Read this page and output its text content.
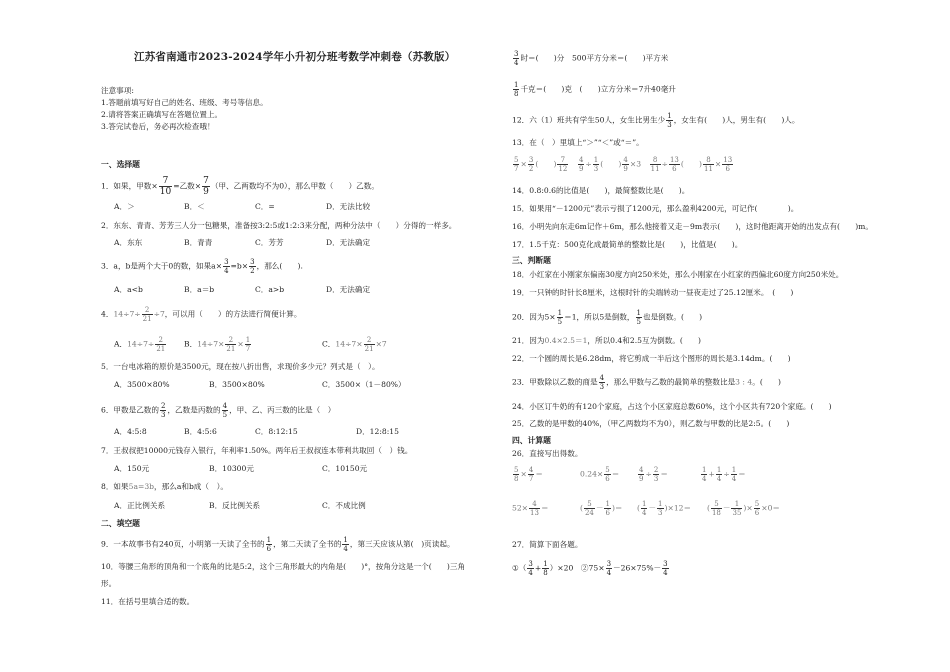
江苏省南通市2023-2024学年小升初分班考数学冲刺卷（苏教版）
注意事项:
1.答题前填写好自己的姓名、班级、考号等信息。
2.请将答案正确填写在答题位置上。
3.答完试卷后，务必再次检查哦！
一、选择题
1．如果，甲数× $\frac{7}{10}$ =乙数× $\frac{7}{9}$ （甲、乙两数均不为0），那么甲数（　　）乙数。
A．＞	B．＜	C．=	D．无法比较
2．东东、青青、芳芳三人分一包糖果，准备按3:2:5或1:2:3来分配，两种分法中（　　）分得的一样多。
A．东东	B．青青	C．芳芳	D．无法确定
3．a，b是两个大于0的数，如果$a\times \frac{3}{4} =b\times \frac{3}{2}$ ，那么(　　).
A．a<b	B．a＝b	C．a>b	D．无法确定
4．$14\div 7\div \frac{2}{21} \div 7$，可以用（　　）的方法进行简便计算。
A．$14\div 7\div \frac{2}{21}$ B．$14\div 7\times \frac{2}{21} \times \frac{1}{7}$	C．$14\div 7\times \frac{2}{21} \times 7$
5．一台电冰箱的原价是3500元，现在按八折出售，求现价多少元？列式是（　）。
A．3500×80%	B．3500×80%	C．3500×（1－80%）
6．甲数是乙数的 $\frac{2}{3}$ ，乙数是丙数的 $\frac{4}{5}$ ，甲、乙、丙三数的比是（　）
A．4:5:8	B．4:5:6	C．8:12:15	D．12:8:15
7．王叔叔把10000元钱存入银行，年利率1.50%。两年后王叔叔连本带利共取回（　）钱。
A．150元	B．10300元	C．10150元
8．如果5a=3b，那么a和b成（　）。
A．正比例关系	B．反比例关系	C．不成比例
二、填空题
9．一本故事书有240页，小明第一天读了全书的 $\frac{1}{6}$ ，第二天读了全书的 $\frac{1}{4}$ ，第三天应该从第(　)页读起。
10．等腰三角形的顶角和一个底角的比是5:2，这个三角形最大的内角是(　　)°，按角分这是一个(　　)三角
形。
11．在括号里填合适的数。
$\frac{3}{4}$ 时＝(　　)分　500平方分米＝(　　)平方米
$\frac{1}{8}$ 千克＝(　　)克　(　　)立方分米＝7升40毫升
12．六（1）班共有学生50人，女生比男生少 $\frac{1}{3}$ ，女生有(　　)人，男生有(　　)人。
13．在（　）里填上“＞”“＜”或“＝”。
$\frac{5}{7} \times \frac{3}{2}$ (　　) $\frac{7}{12}$
　 $\frac{4}{9} \div \frac{1}{3}$ (　　) $\frac{4}{9} \times 3$　 $\frac{8}{11} \div \frac{13}{6}$ (　　) $\frac{8}{11} \times \frac{13}{6}$
14．0.8:0.6的比值是(　　)，最简整数比是(　　)。
15．如果用“－1200元”表示亏损了1200元，那么盈利4200元，可记作(　　　　)。
16．小明先向东走6m记作＋6m，那么他接着又走－9m表示(　　)，这时他距离开始的出发点有(　　)m。
17．1.5千克：500克化成最简单的整数比是(　　)，比值是(　　)。
三、判断题
18．小红家在小刚家东偏南30度方向250米处，那么小刚家在小红家的西偏北60度方向250米处。
19．一只钟的时针长8厘米，这根时针的尖端转动一昼夜走过了25.12厘米。　(　　)
20．因为$5\times \frac{1}{5} =1$，所以5是倒数， $\frac{1}{5}$ 也是倒数。(　　)
21．因为0.4×2.5＝1，所以0.4和2.5互为倒数。(　　)
22．一个圆的周长是6.28dm，将它剪成一半后这个图形的周长是3.14dm。(　　)
23．甲数除以乙数的商是 $\frac{4}{3}$ ，那么甲数与乙数的最简单的整数比是3 : 4。(　　)
24．小区订牛奶的有120个家庭，占这个小区家庭总数60%，这个小区共有720个家庭。(　　)
25．乙数的是甲数的40%，（甲乙两数均不为0），则乙数与甲数的比是2:5。(　　)
四、计算题
26．直接写出得数。
$\frac{5}{8} \times \frac{4}{7}$ ＝	$0.24\times \frac{5}{6}$ ＝	$\frac{4}{9} \div \frac{2}{3}$ ＝	$\frac{1}{4} + \frac{1}{4} \div \frac{1}{4}$ ＝
$52\times \frac{4}{13}$ ＝	( $\frac{5}{24} - \frac{1}{6}$ )＝ ( $\frac{1}{4} - \frac{1}{3} )\times 12=$ ( $\frac{5}{18} - \frac{1}{35}$ )× $\frac{5}{6} \times 0=$
27．简算下面各题。
①（ $\frac{3}{4} + \frac{1}{8} )\times 20$　②75× $\frac{3}{4} -26\times 75\%- \frac{3}{4}$
